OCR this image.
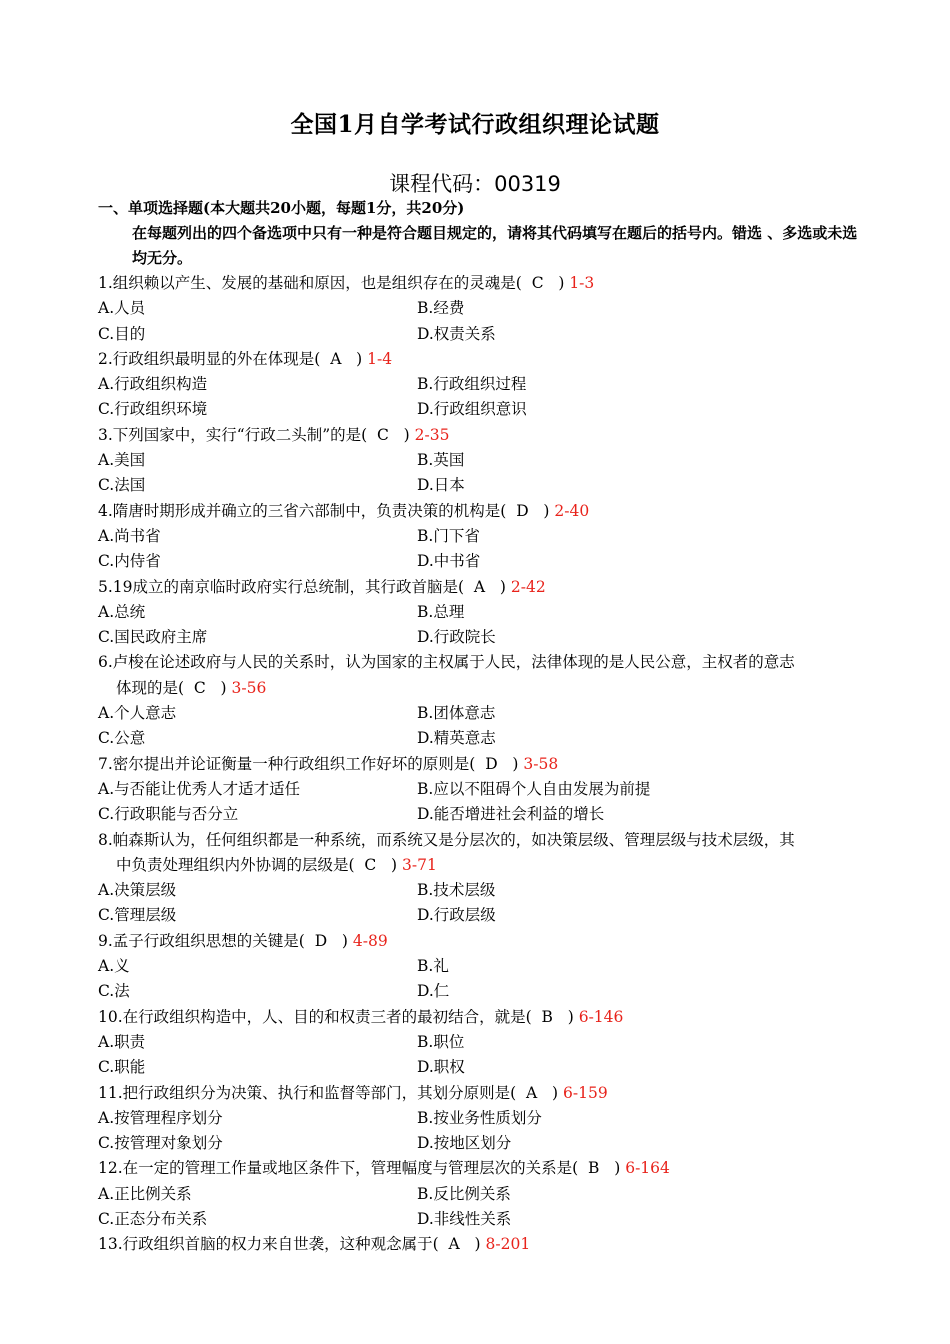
全国1月自学考试行政组织理论试题
课程代码：00319
一、单项选择题(本大题共20小题，每题1分，共20分)
在每题列出的四个备选项中只有一种是符合题目规定的，请将其代码填写在题后的括号内。错选 、多选或未选均无分。
1.组织赖以产生、发展的基础和原因，也是组织存在的灵魂是(  C   ) 1-3
A.人员	B.经费
C.目的	D.权责关系
2.行政组织最明显的外在体现是(  A   ) 1-4
A.行政组织构造	B.行政组织过程
C.行政组织环境	D.行政组织意识
3.下列国家中，实行“行政二头制”的是(  C   ) 2-35
A.美国	B.英国
C.法国	D.日本
4.隋唐时期形成并确立的三省六部制中，负责决策的机构是(  D   ) 2-40
A.尚书省	B.门下省
C.内侍省	D.中书省
5.19成立的南京临时政府实行总统制，其行政首脑是(  A   ) 2-42
A.总统	B.总理
C.国民政府主席	D.行政院长
6.卢梭在论述政府与人民的关系时，认为国家的主权属于人民，法律体现的是人民公意，主权者的意志
体现的是(  C   ) 3-56
A.个人意志	B.团体意志
C.公意	D.精英意志
7.密尔提出并论证衡量一种行政组织工作好坏的原则是(  D   ) 3-58
A.与否能让优秀人才适才适任	B.应以不阻碍个人自由发展为前提
C.行政职能与否分立	D.能否增进社会利益的增长
8.帕森斯认为，任何组织都是一种系统，而系统又是分层次的，如决策层级、管理层级与技术层级，其
中负责处理组织内外协调的层级是(  C   ) 3-71
A.决策层级	B.技术层级
C.管理层级	D.行政层级
9.孟子行政组织思想的关键是(  D   ) 4-89
A.义	B.礼
C.法	D.仁
10.在行政组织构造中，人、目的和权责三者的最初结合，就是(  B   ) 6-146
A.职责	B.职位
C.职能	D.职权
11.把行政组织分为决策、执行和监督等部门，其划分原则是(  A   ) 6-159
A.按管理程序划分	B.按业务性质划分
C.按管理对象划分	D.按地区划分
12.在一定的管理工作量或地区条件下，管理幅度与管理层次的关系是(  B   ) 6-164
A.正比例关系	B.反比例关系
C.正态分布关系	D.非线性关系
13.行政组织首脑的权力来自世袭，这种观念属于(  A   ) 8-201
